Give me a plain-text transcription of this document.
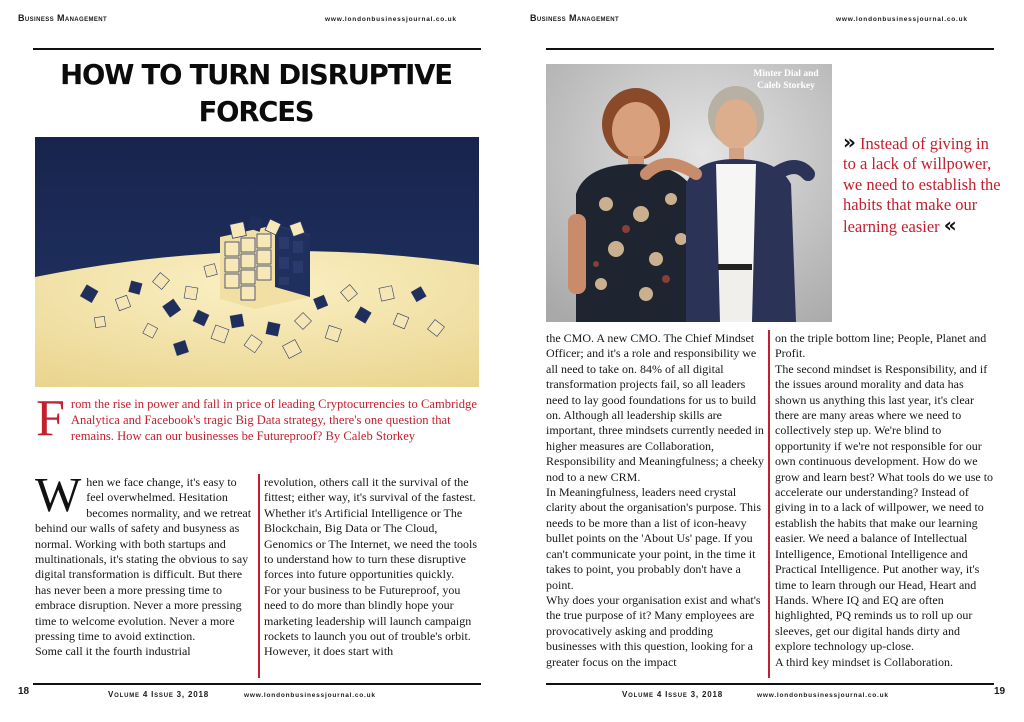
Business Management	www.londonbusinessjournal.co.uk
HOW TO TURN DISRUPTIVE FORCES

From the rise in power and fall in price of leading Cryptocurrencies to Cambridge Analytica and Facebook's tragic Big Data strategy, there's one question that remains. How can our businesses be Futureproof? By Caleb Storkey

When we face change, it's easy to feel overwhelmed. Hesitation becomes normality, and we retreat behind our walls of safety and busyness as normal. Working with both startups and multinationals, it's stating the obvious to say digital transformation is difficult. But there has never been a more pressing time to embrace disruption. Never a more pressing time to welcome evolution. Never a more pressing time to avoid extinction.

Some call it the fourth industrial

revolution, others call it the survival of the fittest; either way, it's survival of the fastest. Whether it's Artificial Intelligence or The Blockchain, Big Data or The Cloud, Genomics or The Internet, we need the tools to understand how to turn these disruptive forces into future opportunities quickly.

For your business to be Futureproof, you need to do more than blindly hope your marketing leadership will launch campaign rockets to launch you out of trouble's orbit. However, it does start with

18	Volume 4 Issue 3, 2018	www.londonbusinessjournal.co.uk
Business Management	www.londonbusinessjournal.co.uk
Minter Dial and
Caleb Storkey
» Instead of giving in to a lack of willpower, we need to establish the habits that make our learning easier «

the CMO. A new CMO. The Chief Mindset Officer; and it's a role and responsibility we all need to take on. 84% of all digital transformation projects fail, so all leaders need to lay good foundations for us to build on. Although all leadership skills are important, three mindsets currently needed in higher measures are Collaboration, Responsibility and Meaningfulness; a cheeky nod to a new CRM.

In Meaningfulness, leaders need crystal clarity about the organisation's purpose. This needs to be more than a list of icon-heavy bullet points on the 'About Us' page. If you can't communicate your point, in the time it takes to point, you probably don't have a point.

Why does your organisation exist and what's the true purpose of it? Many employees are provocatively asking and prodding businesses with this question, looking for a greater focus on the impact

on the triple bottom line; People, Planet and Profit.

The second mindset is Responsibility, and if the issues around morality and data has shown us anything this last year, it's clear there are many areas where we need to collectively step up. We're blind to opportunity if we're not responsible for our own continuous development. How do we grow and learn best? What tools do we use to accelerate our understanding? Instead of giving in to a lack of willpower, we need to establish the habits that make our learning easier. We need a balance of Intellectual Intelligence, Emotional Intelligence and Practical Intelligence. Put another way, it's time to learn through our Head, Heart and Hands. Where IQ and EQ are often highlighted, PQ reminds us to roll up our sleeves, get our digital hands dirty and explore technology up-close.

A third key mindset is Collaboration.

Volume 4 Issue 3, 2018	www.londonbusinessjournal.co.uk	19
